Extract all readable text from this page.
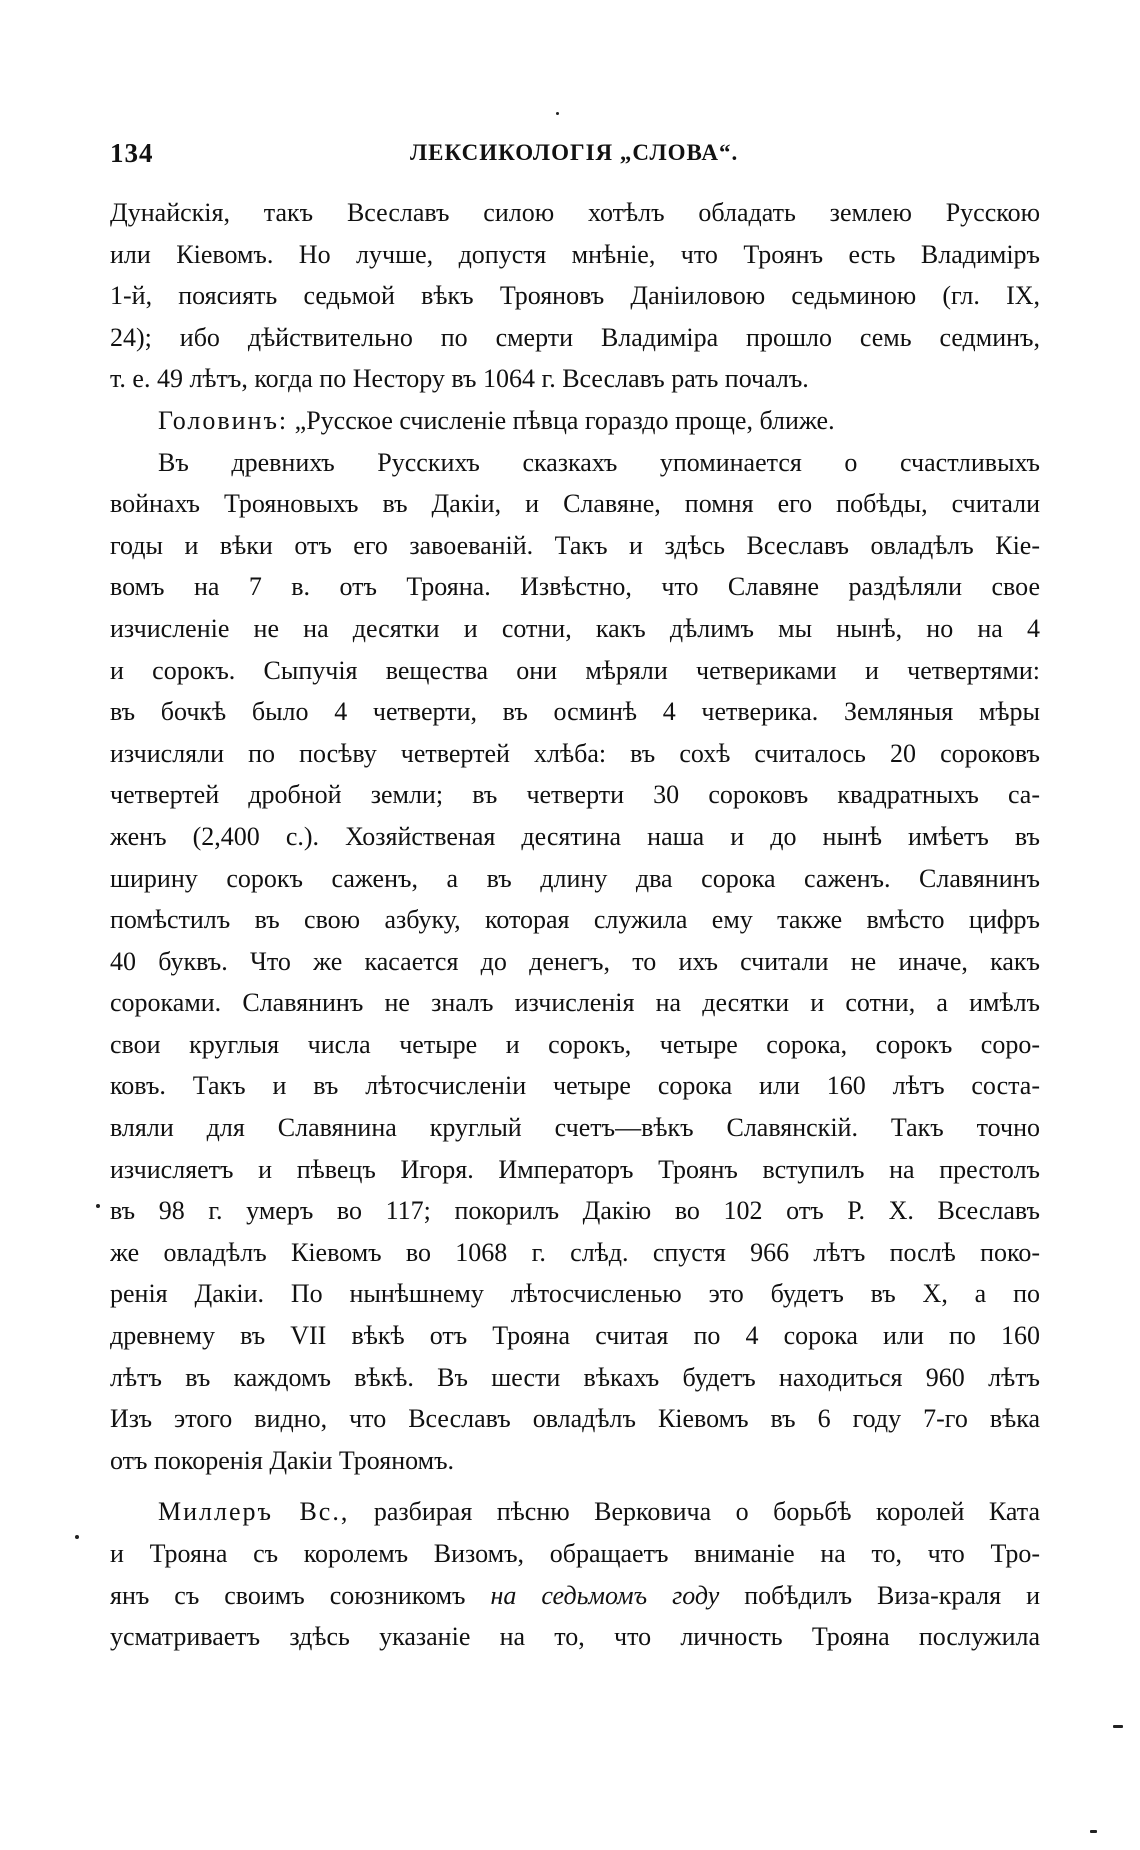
134	ЛЕКСИКОЛОГІЯ „СЛОВА“.
Дунайскія, такъ Всеславъ силою хотѣлъ обладать землею Русскою
или Кіевомъ. Но лучше, допустя мнѣніе, что Троянъ есть Владиміръ
1-й, поясиять седьмой вѣкъ Трояновъ Даніиловою седьминою (гл. IX,
24); ибо дѣйствительно по смерти Владиміра прошло семь седминъ,
т. е. 49 лѣтъ, когда по Нестору въ 1064 г. Всеславъ рать почалъ.
Головинъ: „Русское счисленіе пѣвца гораздо проще, ближе.
Въ древнихъ Русскихъ сказкахъ упоминается о счастливыхъ
войнахъ Трояновыхъ въ Дакіи, и Славяне, помня его побѣды, считали
годы и вѣки отъ его завоеваній. Такъ и здѣсь Всеславъ овладѣлъ Кіе-
вомъ на 7 в. отъ Трояна. Извѣстно, что Славяне раздѣляли свое
изчисленіе не на десятки и сотни, какъ дѣлимъ мы нынѣ, но на 4
и сорокъ. Сыпучія вещества они мѣряли четвериками и четвертями:
въ бочкѣ было 4 четверти, въ осминѣ 4 четверика. Земляныя мѣры
изчисляли по посѣву четвертей хлѣба: въ сохѣ считалось 20 сороковъ
четвертей дробной земли; въ четверти 30 сороковъ квадратныхъ са-
женъ (2,400 с.). Хозяйственая десятина наша и до нынѣ имѣетъ въ
ширину сорокъ саженъ, а въ длину два сорока саженъ. Славянинъ
помѣстилъ въ свою азбуку, которая служила ему также вмѣсто цифръ
40 буквъ. Что же касается до денегъ, то ихъ считали не иначе, какъ
сороками. Славянинъ не зналъ изчисленія на десятки и сотни, а имѣлъ
свои круглыя числа четыре и сорокъ, четыре сорока, сорокъ соро-
ковъ. Такъ и въ лѣтосчисленіи четыре сорока или 160 лѣтъ соста-
вляли для Славянина круглый счетъ—вѣкъ Славянскій. Такъ точно
изчисляетъ и пѣвецъ Игоря. Императоръ Троянъ вступилъ на престолъ
въ 98 г. умеръ во 117; покорилъ Дакію во 102 отъ Р. Х. Всеславъ
же овладѣлъ Кіевомъ во 1068 г. слѣд. спустя 966 лѣтъ послѣ поко-
ренія Дакіи. По нынѣшнему лѣтосчисленью это будетъ въ X, а по
древнему въ VII вѣкѣ отъ Трояна считая по 4 сорока или по 160
лѣтъ въ каждомъ вѣкѣ. Въ шести вѣкахъ будетъ находиться 960 лѣтъ
Изъ этого видно, что Всеславъ овладѣлъ Кіевомъ въ 6 году 7-го вѣка
отъ покоренія Дакіи Трояномъ.
Миллеръ Вс., разбирая пѣсню Верковича о борьбѣ королей Ката
и Трояна съ королемъ Визомъ, обращаетъ вниманіе на то, что Тро-
янъ съ своимъ союзникомъ на седьмомъ году побѣдилъ Виза-краля и
усматриваетъ здѣсь указаніе на то, что личность Трояна послужила
